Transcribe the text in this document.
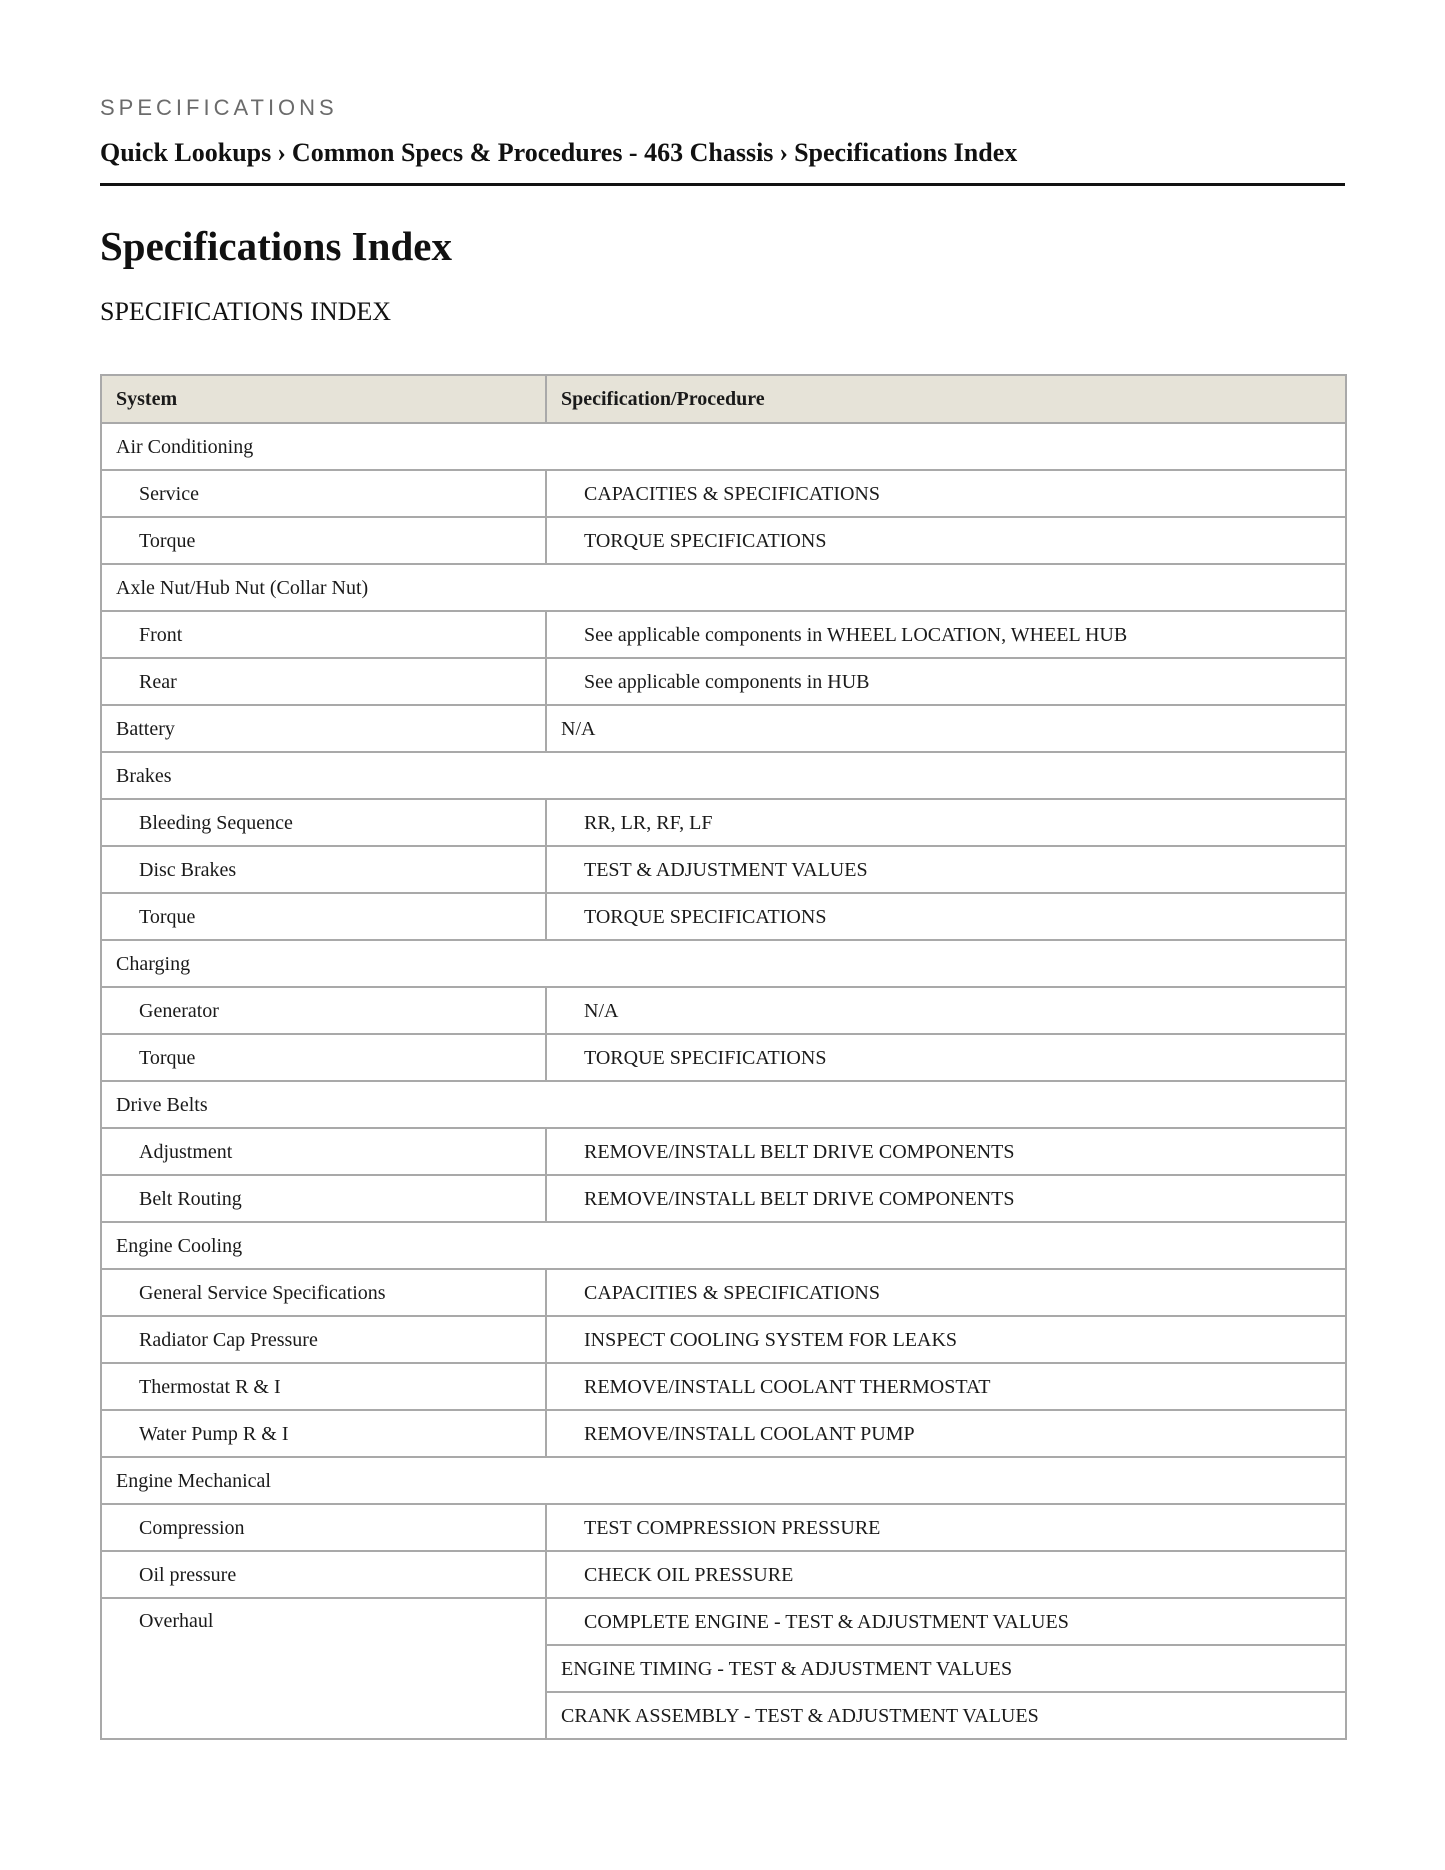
SPECIFICATIONS
Quick Lookups › Common Specs & Procedures - 463 Chassis › Specifications Index
Specifications Index
SPECIFICATIONS INDEX
System	Specification/Procedure
Air Conditioning	
Service	CAPACITIES & SPECIFICATIONS
Torque	TORQUE SPECIFICATIONS
Axle Nut/Hub Nut (Collar Nut)	
Front	See applicable components in WHEEL LOCATION, WHEEL HUB
Rear	See applicable components in HUB
Battery	N/A
Brakes	
Bleeding Sequence	RR, LR, RF, LF
Disc Brakes	TEST & ADJUSTMENT VALUES
Torque	TORQUE SPECIFICATIONS
Charging	
Generator	N/A
Torque	TORQUE SPECIFICATIONS
Drive Belts	
Adjustment	REMOVE/INSTALL BELT DRIVE COMPONENTS
Belt Routing	REMOVE/INSTALL BELT DRIVE COMPONENTS
Engine Cooling	
General Service Specifications	CAPACITIES & SPECIFICATIONS
Radiator Cap Pressure	INSPECT COOLING SYSTEM FOR LEAKS
Thermostat R & I	REMOVE/INSTALL COOLANT THERMOSTAT
Water Pump R & I	REMOVE/INSTALL COOLANT PUMP
Engine Mechanical	
Compression	TEST COMPRESSION PRESSURE
Oil pressure	CHECK OIL PRESSURE
Overhaul	COMPLETE ENGINE - TEST & ADJUSTMENT VALUES
	ENGINE TIMING - TEST & ADJUSTMENT VALUES
	CRANK ASSEMBLY - TEST & ADJUSTMENT VALUES
